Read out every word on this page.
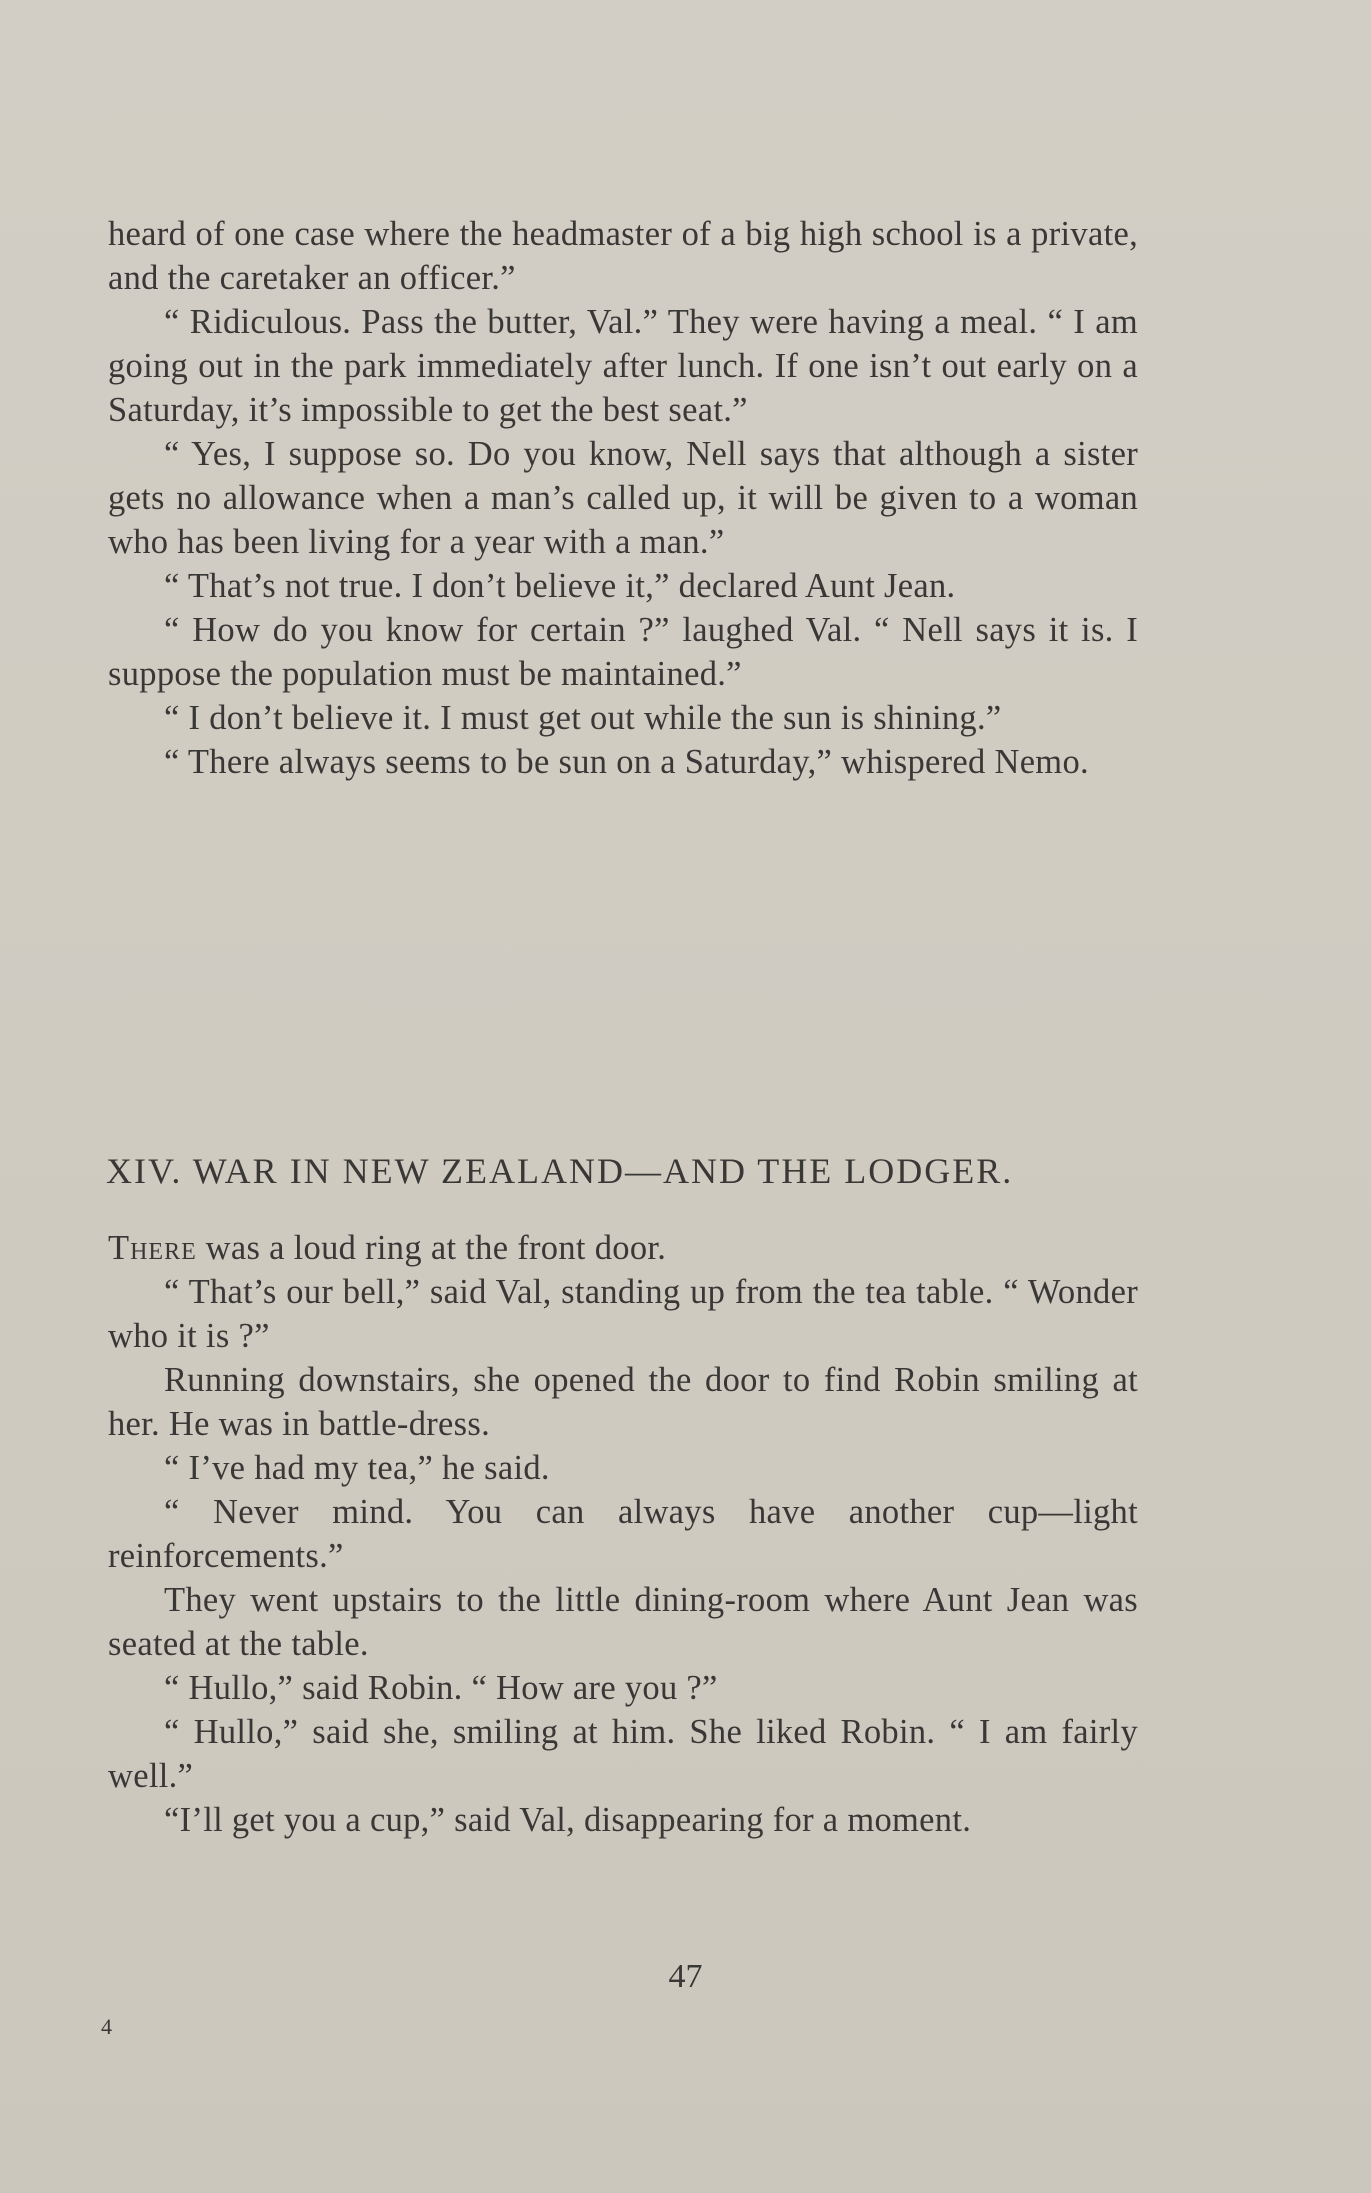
heard of one case where the headmaster of a big high school is a private, and the caretaker an officer.”

“ Ridiculous. Pass the butter, Val.” They were having a meal. “ I am going out in the park immediately after lunch. If one isn’t out early on a Saturday, it’s impossible to get the best seat.”

“ Yes, I suppose so. Do you know, Nell says that although a sister gets no allowance when a man’s called up, it will be given to a woman who has been living for a year with a man.”

“ That’s not true. I don’t believe it,” declared Aunt Jean.

“ How do you know for certain ?” laughed Val. “ Nell says it is. I suppose the population must be maintained.”

“ I don’t believe it. I must get out while the sun is shining.”

“ There always seems to be sun on a Saturday,” whispered Nemo.

XIV. WAR IN NEW ZEALAND—AND THE LODGER.

There was a loud ring at the front door.

“ That’s our bell,” said Val, standing up from the tea table. “ Wonder who it is ?”

Running downstairs, she opened the door to find Robin smiling at her. He was in battle-dress.

“ I’ve had my tea,” he said.

“ Never mind. You can always have another cup—light reinforcements.”

They went upstairs to the little dining-room where Aunt Jean was seated at the table.

“ Hullo,” said Robin. “ How are you ?”

“ Hullo,” said she, smiling at him. She liked Robin. “ I am fairly well.”

“I’ll get you a cup,” said Val, disappearing for a moment.

47
4
